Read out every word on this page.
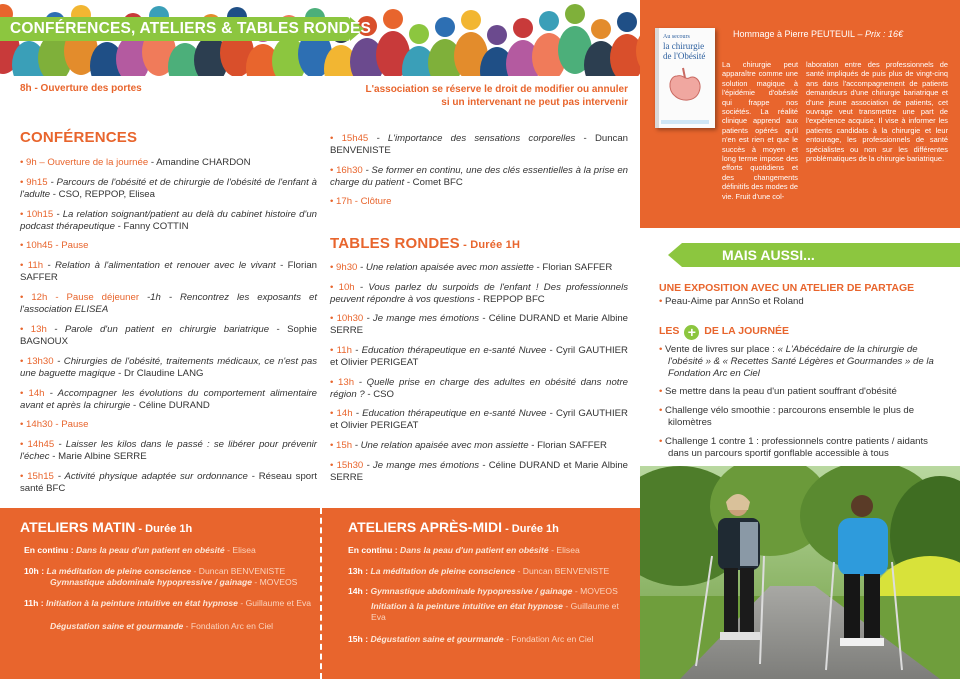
CONFÉRENCES, ATELIERS & TABLES RONDES
8h - Ouverture des portes	L'association se réserve le droit de modifier ou annuler
si un intervenant ne peut pas intervenir
CONFÉRENCES
• 9h – Ouverture de la journée - Amandine CHARDON
• 9h15 - Parcours de l'obésité et de chirurgie de l'obésité de l'enfant à l'adulte - CSO, REPPOP, Elisea
• 10h15 - La relation soignant/patient au delà du cabinet histoire d'un podcast thérapeutique - Fanny COTTIN
• 10h45 - Pause
• 11h - Relation à l'alimentation et renouer avec le vivant - Florian SAFFER
• 12h - Pause déjeuner -1h - Rencontrez les exposants et l'association ELISEA
• 13h - Parole d'un patient en chirurgie bariatrique - Sophie BAGNOUX
• 13h30 - Chirurgies de l'obésité, traitements médicaux, ce n'est pas une baguette magique - Dr Claudine LANG
• 14h - Accompagner les évolutions du comportement alimentaire avant et après la chirurgie - Céline DURAND
• 14h30 - Pause
• 14h45 - Laisser les kilos dans le passé : se libérer pour prévenir l'échec - Marie Albine SERRE
• 15h15 - Activité physique adaptée sur ordonnance - Réseau sport santé BFC
• 15h45 - L'importance des sensations corporelles - Duncan BENVENISTE
• 16h30 - Se former en continu, une des clés essentielles à la prise en charge du patient - Comet BFC
• 17h - Clôture
TABLES RONDES - Durée 1H
• 9h30 - Une relation apaisée avec mon assiette - Florian SAFFER
• 10h - Vous parlez du surpoids de l'enfant ! Des professionnels peuvent répondre à vos questions - REPPOP BFC
• 10h30 - Je mange mes émotions - Céline DURAND et Marie Albine SERRE
• 11h - Education thérapeutique en e-santé Nuvee - Cyril GAUTHIER et Olivier PERIGEAT
• 13h - Quelle prise en charge des adultes en obésité dans notre région ? - CSO
• 14h - Education thérapeutique en e-santé Nuvee - Cyril GAUTHIER et Olivier PERIGEAT
• 15h - Une relation apaisée avec mon assiette - Florian SAFFER
• 15h30 - Je mange mes émotions - Céline DURAND et Marie Albine SERRE
Au secours
la chirurgie
de l'Obésité
Hommage à Pierre PEUTEUIL – Prix : 16€
La chirurgie peut apparaître comme une solution magique à l'épidémie d'obésité qui frappe nos sociétés. La réalité clinique apprend aux patients opérés qu'il n'en est rien et que le succès à moyen et long terme impose des efforts quotidiens et des changements définitifs des modes de vie. Fruit d'une col-
laboration entre des professionnels de santé impliqués de puis plus de vingt-cinq ans dans l'accompagnement de patients demandeurs d'une chirurgie bariatrique et d'une jeune association de patients, cet ouvrage veut transmettre une part de l'expérience acquise. Il vise à informer les patients candidats à la chirurgie et leur entourage, les professionnels de santé spécialistes ou non sur les différentes problématiques de la chirurgie bariatrique.
MAIS AUSSI...
UNE EXPOSITION AVEC UN ATELIER DE PARTAGE
• Peau-Aime par AnnSo et Roland
LES + DE LA JOURNÉE
• Vente de livres sur place : « L'Abécédaire de la chirurgie de l'obésité » & « Recettes Santé Légères et Gourmandes » de la Fondation Arc en Ciel
• Se mettre dans la peau d'un patient souffrant d'obésité
• Challenge vélo smoothie : parcourons ensemble le plus de kilomètres
• Challenge 1 contre 1 : professionnels contre patients / aidants dans un parcours sportif gonflable accessible à tous
ATELIERS MATIN - Durée 1h	ATELIERS APRÈS-MIDI - Durée 1h
En continu : Dans la peau d'un patient en obésité - Elisea
10h : La méditation de pleine conscience - Duncan BENVENISTE
Gymnastique abdominale hypopressive / gainage - MOVEOS
11h : Initiation à la peinture intuitive en état hypnose - Guillaume et Eva
Dégustation saine et gourmande - Fondation Arc en Ciel
En continu : Dans la peau d'un patient en obésité - Elisea
13h : La méditation de pleine conscience - Duncan BENVENISTE
14h : Gymnastique abdominale hypopressive / gainage - MOVEOS
Initiation à la peinture intuitive en état hypnose - Guillaume et Eva
15h : Dégustation saine et gourmande - Fondation Arc en Ciel
